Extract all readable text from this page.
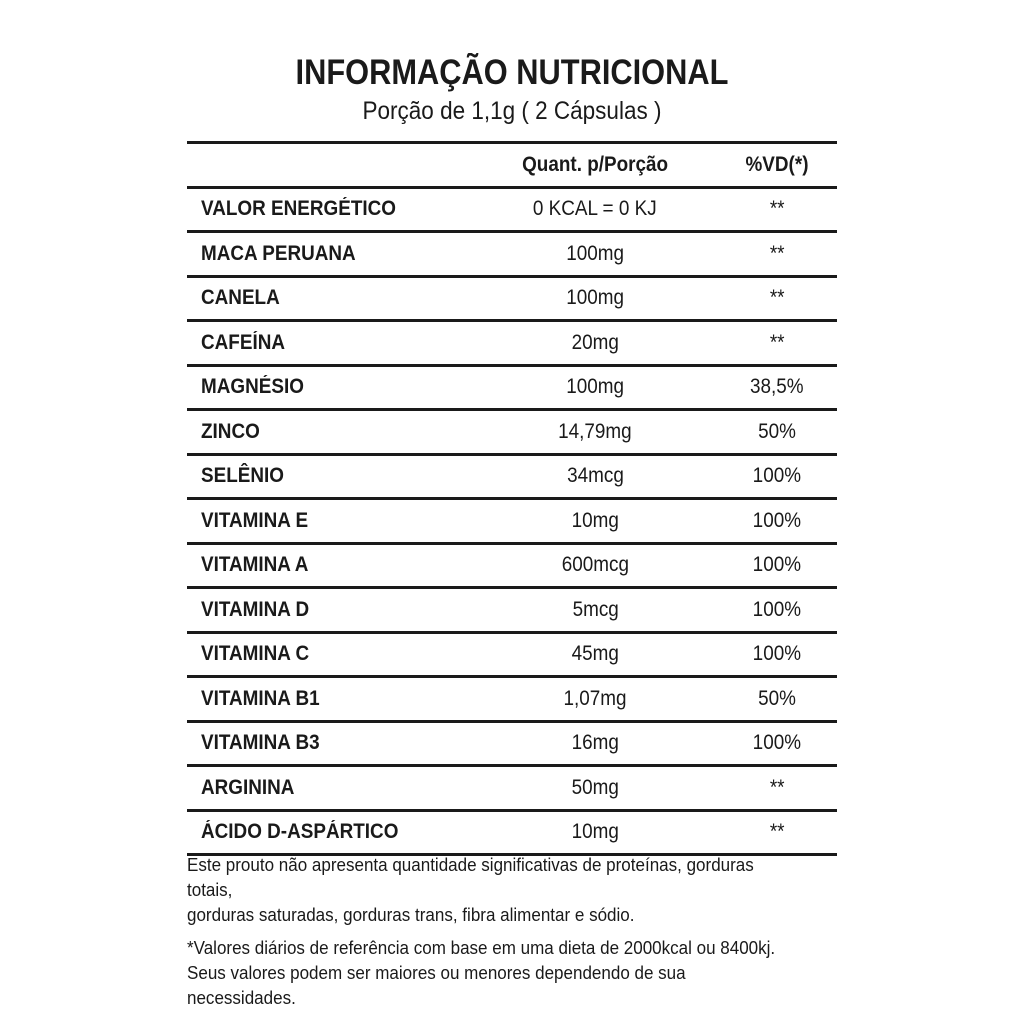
INFORMAÇÃO NUTRICIONAL
Porção de 1,1g ( 2 Cápsulas )
	Quant. p/Porção	%VD(*)
VALOR ENERGÉTICO	0 KCAL = 0 KJ	**
MACA PERUANA	100mg	**
CANELA	100mg	**
CAFEÍNA	20mg	**
MAGNÉSIO	100mg	38,5%
ZINCO	14,79mg	50%
SELÊNIO	34mcg	100%
VITAMINA E	10mg	100%
VITAMINA A	600mcg	100%
VITAMINA D	5mcg	100%
VITAMINA C	45mg	100%
VITAMINA B1	1,07mg	50%
VITAMINA B3	16mg	100%
ARGININA	50mg	**
ÁCIDO D-ASPÁRTICO	10mg	**

Este prouto não apresenta quantidade significativas de proteínas, gorduras totais,
gorduras saturadas, gorduras trans, fibra alimentar e sódio.

*Valores diários de referência com base em uma dieta de 2000kcal ou 8400kj.
Seus valores podem ser maiores ou menores dependendo de sua necessidades.
